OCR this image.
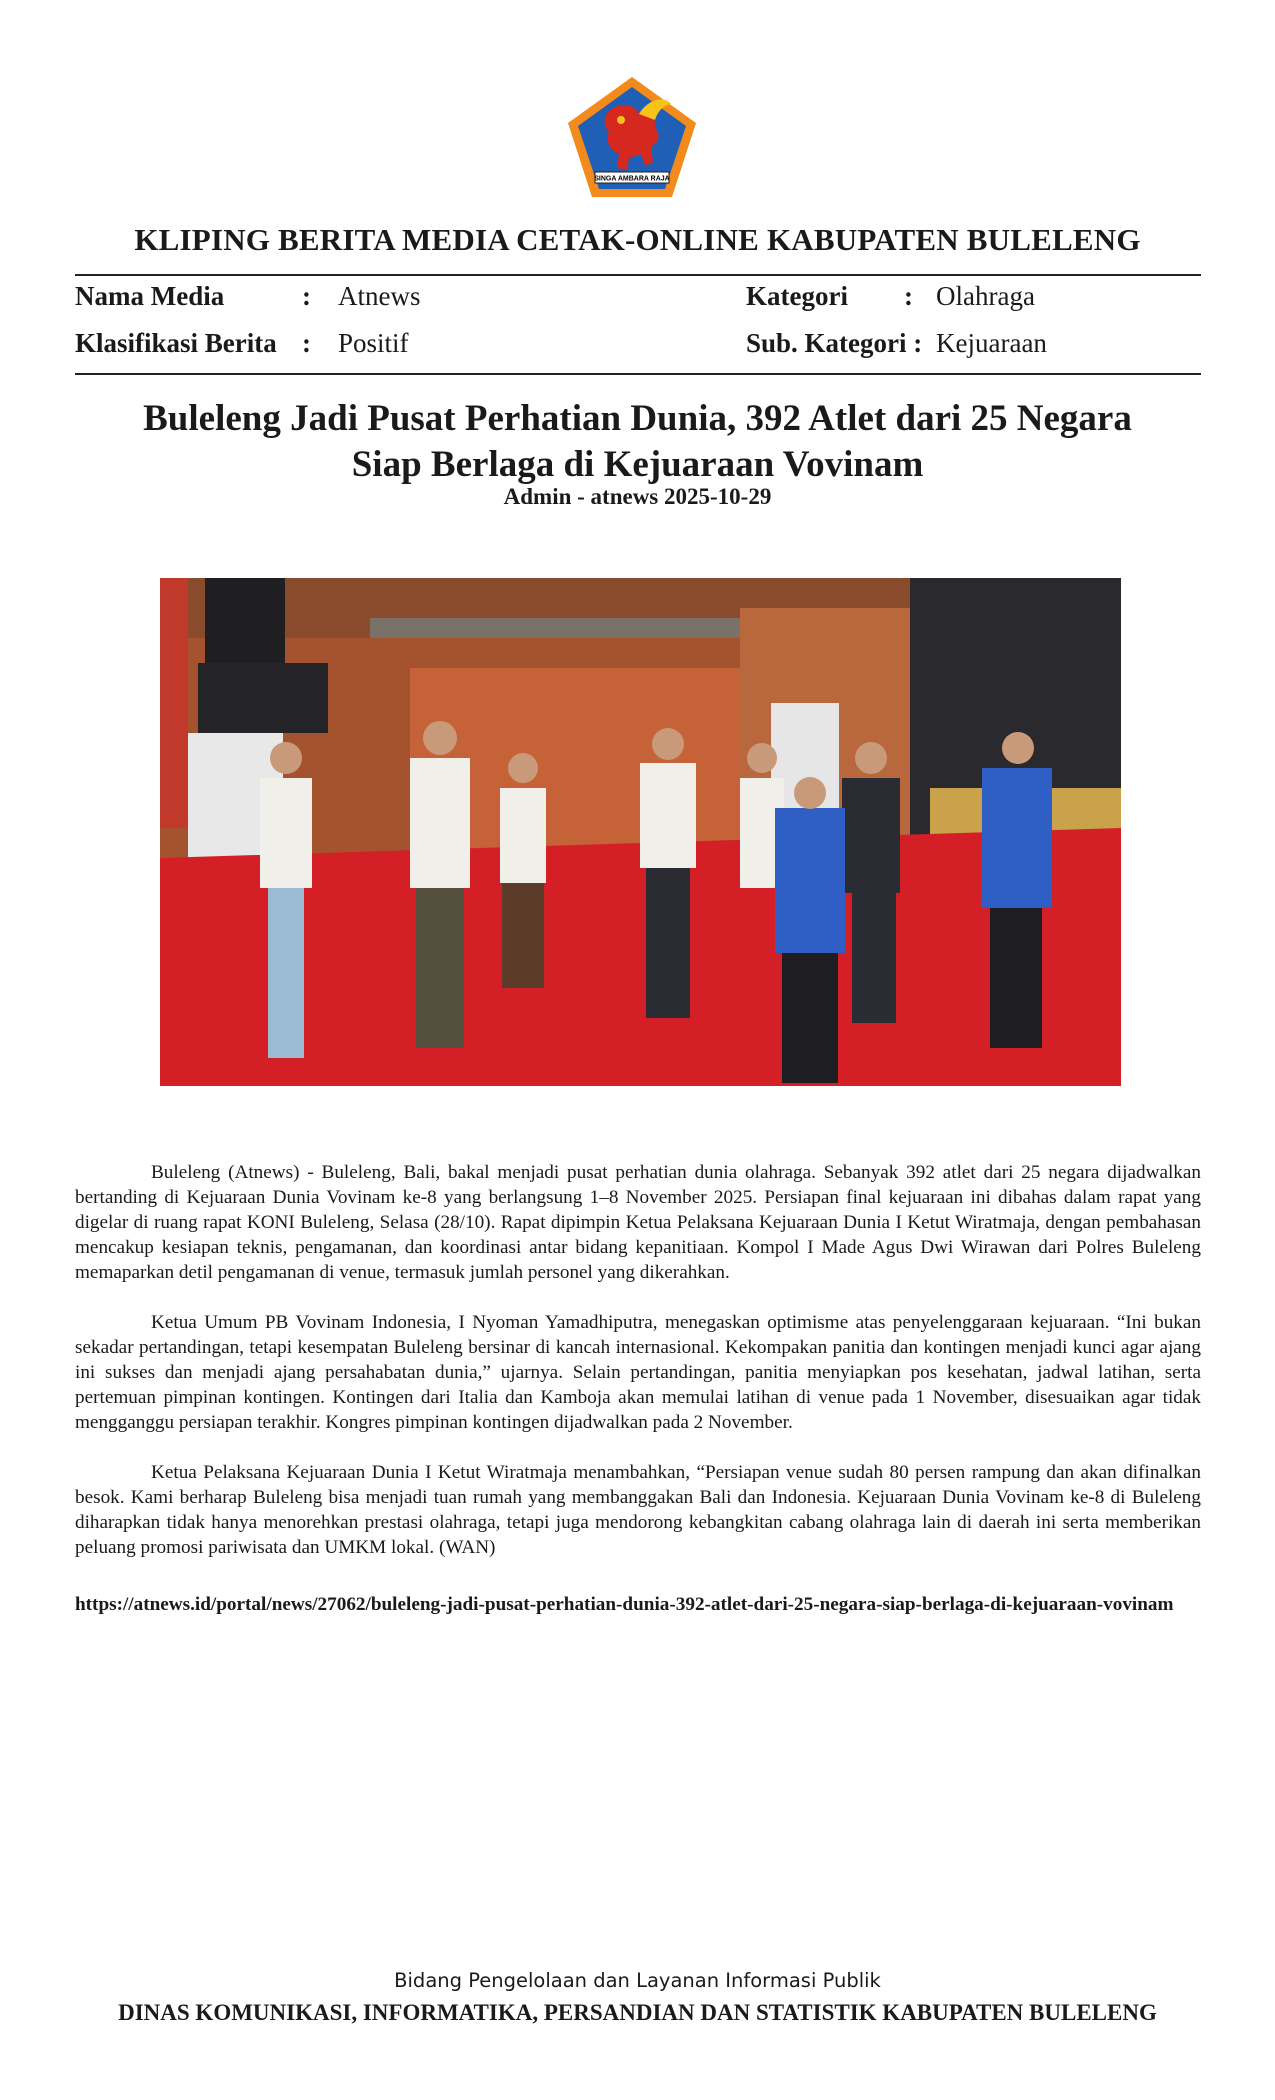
SINGA AMBARA RAJA
KLIPING BERITA MEDIA CETAK-ONLINE KABUPATEN BULELENG
Nama Media	: Atnews	Kategori : Olahraga
Klasifikasi Berita : Positif	Sub. Kategori : Kejuaraan
Buleleng Jadi Pusat Perhatian Dunia, 392 Atlet dari 25 Negara
Siap Berlaga di Kejuaraan Vovinam
Admin - atnews 2025-10-29

Buleleng (Atnews) - Buleleng, Bali, bakal menjadi pusat perhatian dunia olahraga. Sebanyak 392 atlet dari 25 negara dijadwalkan bertanding di Kejuaraan Dunia Vovinam ke-8 yang berlangsung 1–8 November 2025. Persiapan final kejuaraan ini dibahas dalam rapat yang digelar di ruang rapat KONI Buleleng, Selasa (28/10). Rapat dipimpin Ketua Pelaksana Kejuaraan Dunia I Ketut Wiratmaja, dengan pembahasan mencakup kesiapan teknis, pengamanan, dan koordinasi antar bidang kepanitiaan. Kompol I Made Agus Dwi Wirawan dari Polres Buleleng memaparkan detil pengamanan di venue, termasuk jumlah personel yang dikerahkan.

Ketua Umum PB Vovinam Indonesia, I Nyoman Yamadhiputra, menegaskan optimisme atas penyelenggaraan kejuaraan. “Ini bukan sekadar pertandingan, tetapi kesempatan Buleleng bersinar di kancah internasional. Kekompakan panitia dan kontingen menjadi kunci agar ajang ini sukses dan menjadi ajang persahabatan dunia,” ujarnya. Selain pertandingan, panitia menyiapkan pos kesehatan, jadwal latihan, serta pertemuan pimpinan kontingen. Kontingen dari Italia dan Kamboja akan memulai latihan di venue pada 1 November, disesuaikan agar tidak mengganggu persiapan terakhir. Kongres pimpinan kontingen dijadwalkan pada 2 November.

Ketua Pelaksana Kejuaraan Dunia I Ketut Wiratmaja menambahkan, “Persiapan venue sudah 80 persen rampung dan akan difinalkan besok. Kami berharap Buleleng bisa menjadi tuan rumah yang membanggakan Bali dan Indonesia. Kejuaraan Dunia Vovinam ke-8 di Buleleng diharapkan tidak hanya menorehkan prestasi olahraga, tetapi juga mendorong kebangkitan cabang olahraga lain di daerah ini serta memberikan peluang promosi pariwisata dan UMKM lokal. (WAN)

https://atnews.id/portal/news/27062/buleleng-jadi-pusat-perhatian-dunia-392-atlet-dari-25-negara-siap-berlaga-di-kejuaraan-vovinam
Bidang Pengelolaan dan Layanan Informasi Publik
DINAS KOMUNIKASI, INFORMATIKA, PERSANDIAN DAN STATISTIK KABUPATEN BULELENG
